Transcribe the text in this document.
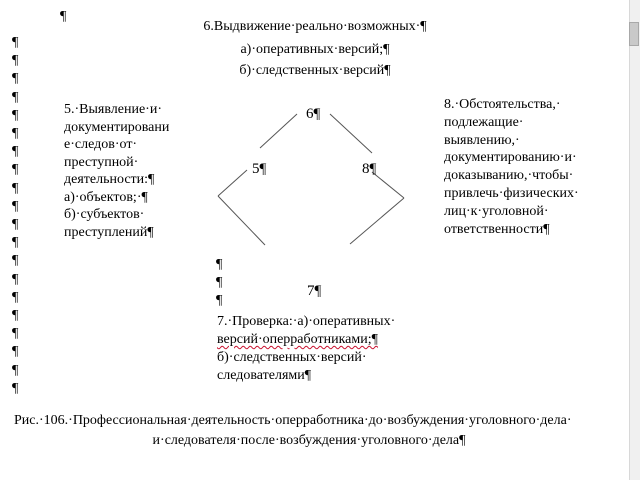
¶
¶
¶
¶
¶
¶
¶
¶
¶
¶
¶
¶
¶
¶
¶
¶
¶
¶
¶
¶
¶
6.Выдвижение·реально·возможных·¶
а)·оперативных·версий;¶
б)·следственных·версий¶
5.·Выявление·и·
документировани
е·следов·от·
преступной·
деятельности:¶
а)·объектов;·¶
б)·субъектов·
преступлений¶
8.·Обстоятельства,·
подлежащие·
выявлению,·
документированию·и·
доказыванию,·чтобы·
привлечь·физических·
лиц·к·уголовной·
ответственности¶
6¶
5¶	8¶
7¶
¶
¶
¶
7.·Проверка:·а)·оперативных·
версий·оперработниками;¶
б)·следственных·версий·
следователями¶
Рис.·106.·Профессиональная·деятельность·оперработника·до·возбуждения·уголовного·дела·
и·следователя·после·возбуждения·уголовного·дела¶
